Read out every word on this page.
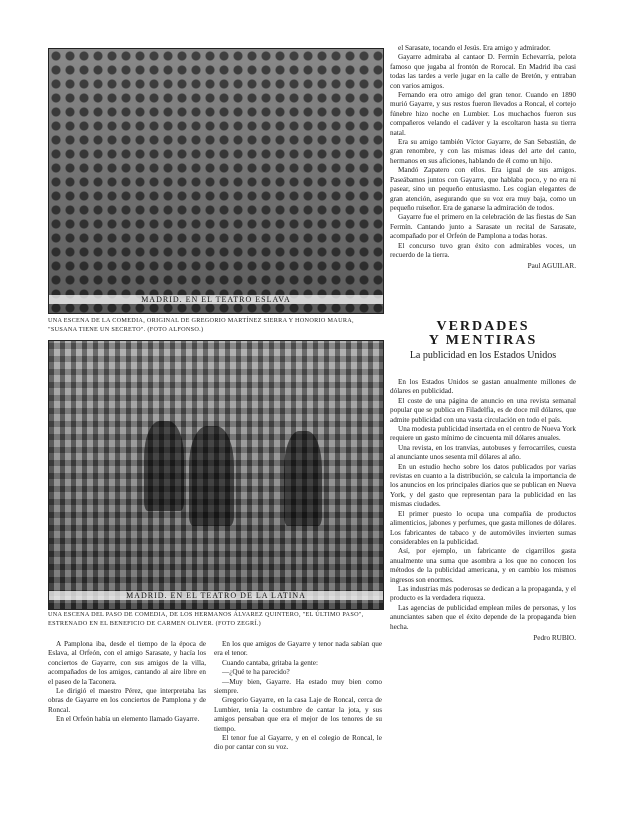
MADRID. EN EL TEATRO ESLAVA
UNA ESCENA DE LA COMEDIA, ORIGINAL DE GREGORIO MARTÍNEZ SIERRA Y HONORIO MAURA, "SUSANA TIENE UN SECRETO". (FOTO ALFONSO.)
MADRID. EN EL TEATRO DE LA LATINA
UNA ESCENA DEL PASO DE COMEDIA, DE LOS HERMANOS ÁLVAREZ QUINTERO, "EL ÚLTIMO PASO", ESTRENADO EN EL BENEFICIO DE CARMEN OLIVER. (FOTO ZEGRÍ.)

el Sarasate, tocando el Jesús. Era amigo y admirador.

Gayarre admiraba al cantaor D. Fermín Echevarría, pelota famoso que jugaba al frontón de Rorocal. En Madrid iba casi todas las tardes a verle jugar en la calle de Bretón, y entraban con varios amigos.

Fernando era otro amigo del gran tenor. Cuando en 1890 murió Gayarre, y sus restos fueron llevados a Roncal, el cortejo fúnebre hizo noche en Lumbier. Los muchachos fueron sus compañeros velando el cadáver y la escoltaron hasta su tierra natal.

Era su amigo también Víctor Gayarre, de San Sebastián, de gran renombre, y con las mismas ideas del arte del canto, hermanos en sus aficiones, hablando de él como un hijo.

Mandó Zapatero con ellos. Era igual de sus amigos. Paseábamos juntos con Gayarre, que hablaba poco, y no era ni pasear, sino un pequeño entusiasmo. Les cogían elegantes de gran atención, asegurando que su voz era muy baja, como un pequeño ruiseñor. Era de ganarse la admiración de todos.

Gayarre fue el primero en la celebración de las fiestas de San Fermín. Cantando junto a Sarasate un recital de Sarasate, acompañado por el Orfeón de Pamplona a todas horas.

El concurso tuvo gran éxito con admirables voces, un recuerdo de la tierra.

Paul AGUILAR.
VERDADES
Y MENTIRAS
La publicidad en los Estados Unidos

En los Estados Unidos se gastan anualmente millones de dólares en publicidad.

El coste de una página de anuncio en una revista semanal popular que se publica en Filadelfia, es de doce mil dólares, que admite publicidad con una vasta circulación en todo el país.

Una modesta publicidad insertada en el centro de Nueva York requiere un gasto mínimo de cincuenta mil dólares anuales.

Una revista, en los tranvías, autobuses y ferrocarriles, cuesta al anunciante unos sesenta mil dólares al año.

En un estudio hecho sobre los datos publicados por varias revistas en cuanto a la distribución, se calcula la importancia de los anuncios en los principales diarios que se publican en Nueva York, y del gasto que representan para la publicidad en las mismas ciudades.

El primer puesto lo ocupa una compañía de productos alimenticios, jabones y perfumes, que gasta millones de dólares. Los fabricantes de tabaco y de automóviles invierten sumas considerables en la publicidad.

Así, por ejemplo, un fabricante de cigarrillos gasta anualmente una suma que asombra a los que no conocen los métodos de la publicidad americana, y en cambio los mismos ingresos son enormes.

Las industrias más poderosas se dedican a la propaganda, y el producto es la verdadera riqueza.

Las agencias de publicidad emplean miles de personas, y los anunciantes saben que el éxito depende de la propaganda bien hecha.

Pedro RUBIO.

A Pamplona iba, desde el tiempo de la época de Eslava, al Orfeón, con el amigo Sarasate, y hacía los conciertos de Gayarre, con sus amigos de la villa, acompañados de los amigos, cantando al aire libre en el paseo de la Taconera.

Le dirigió el maestro Pérez, que interpretaba las obras de Gayarre en los conciertos de Pamplona y de Roncal.

En el Orfeón había un elemento llamado Gayarre.

En los que amigos de Gayarre y tenor nada sabían que era el tenor.

Cuando cantaba, gritaba la gente:

—¿Qué te ha parecido?

—Muy bien, Gayarre. Ha estado muy bien como siempre.

Gregorio Gayarre, en la casa Laje de Roncal, cerca de Lumbier, tenía la costumbre de cantar la jota, y sus amigos pensaban que era el mejor de los tenores de su tiempo.

El tenor fue al Gayarre, y en el colegio de Roncal, le dio por cantar con su voz.
